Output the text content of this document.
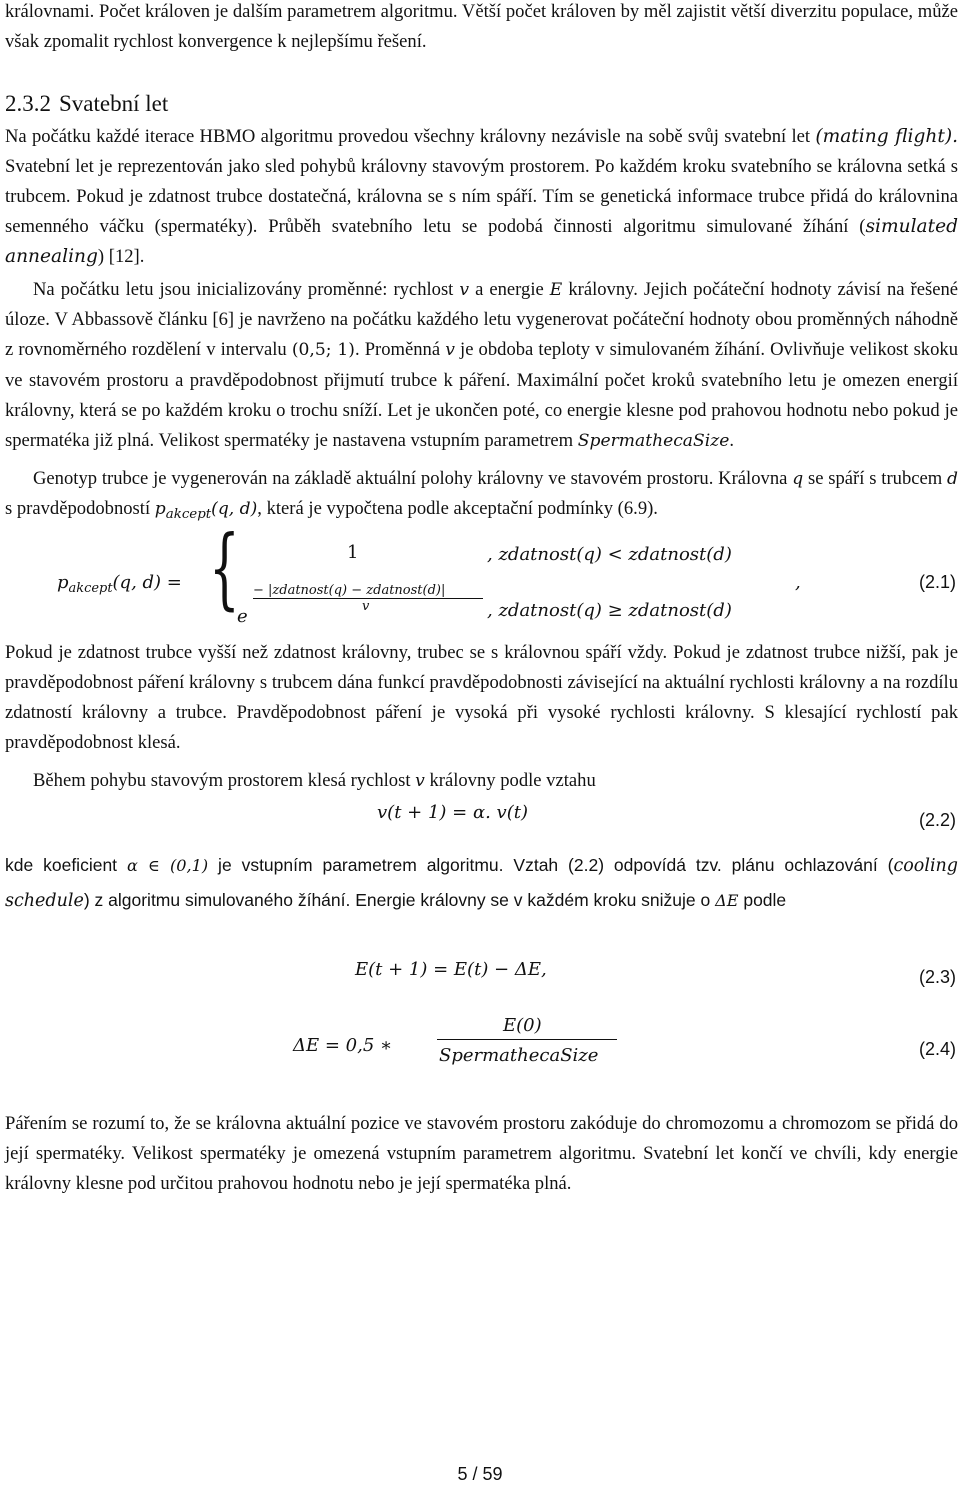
královnami. Počet královen je dalším parametrem algoritmu. Větší počet královen by měl zajistit větší diverzitu populace, může však zpomalit rychlost konvergence k nejlepšímu řešení.

2.3.2 Svatební let

Na počátku každé iterace HBMO algoritmu provedou všechny královny nezávisle na sobě svůj svatební let (mating flight). Svatební let je reprezentován jako sled pohybů královny stavovým prostorem. Po každém kroku svatebního se královna setká s trubcem. Pokud je zdatnost trubce dostatečná, královna se s ním spáří. Tím se genetická informace trubce přidá do královnina semenného váčku (spermatéky). Průběh svatebního letu se podobá činnosti algoritmu simulované žíhání (simulated annealing) [12].

Na počátku letu jsou inicializovány proměnné: rychlost v a energie E královny. Jejich počáteční hodnoty závisí na řešené úloze. V Abbassově článku [6] je navrženo na počátku každého letu vygenerovat počáteční hodnoty obou proměnných náhodně z rovnoměrného rozdělení v intervalu (0,5; 1). Proměnná v je obdoba teploty v simulovaném žíhání. Ovlivňuje velikost skoku ve stavovém prostoru a pravděpodobnost přijmutí trubce k páření. Maximální počet kroků svatebního letu je omezen energií královny, která se po každém kroku o trochu sníží. Let je ukončen poté, co energie klesne pod prahovou hodnotu nebo pokud je spermatéka již plná. Velikost spermatéky je nastavena vstupním parametrem SpermathecaSize.

Genotyp trubce je vygenerován na základě aktuální polohy královny ve stavovém prostoru. Královna q se spáří s trubcem d s pravděpodobností $p_{akcept}(q$, d), která je vypočtena podle akceptační podmínky (6.9).

$p_{akcept}(q$, d) = {	1	, zdatnost(q) < zdatnost(d)
e
− |zdatnost(q) − zdatnost(d)|
v	, zdatnost(q) ≥ zdatnost(d)
,	(2.1)

Pokud je zdatnost trubce vyšší než zdatnost královny, trubec se s královnou spáří vždy. Pokud je zdatnost trubce nižší, pak je pravděpodobnost páření královny s trubcem dána funkcí pravděpodobnosti závisející na aktuální rychlosti královny a na rozdílu zdatností královny a trubce. Pravděpodobnost páření je vysoká při vysoké rychlosti královny. S klesající rychlostí pak pravděpodobnost klesá.

Během pohybu stavovým prostorem klesá rychlost v královny podle vztahu

v(t + 1) = α. v(t)	(2.2)

kde koeficient α ∈ (0,1) je vstupním parametrem algoritmu. Vztah (2.2) odpovídá tzv. plánu ochlazování (cooling schedule) z algoritmu simulovaného žíhání. Energie královny se v každém kroku snižuje o ΔE podle

E(t + 1) = E(t) − ΔE,	(2.3)
ΔE = 0,5 ∗
E(0)
SpermathecaSize	(2.4)

Pářením se rozumí to, že se královna aktuální pozice ve stavovém prostoru zakóduje do chromozomu a chromozom se přidá do její spermatéky. Velikost spermatéky je omezená vstupním parametrem algoritmu. Svatební let končí ve chvíli, kdy energie královny klesne pod určitou prahovou hodnotu nebo je její spermatéka plná.

5 / 59
